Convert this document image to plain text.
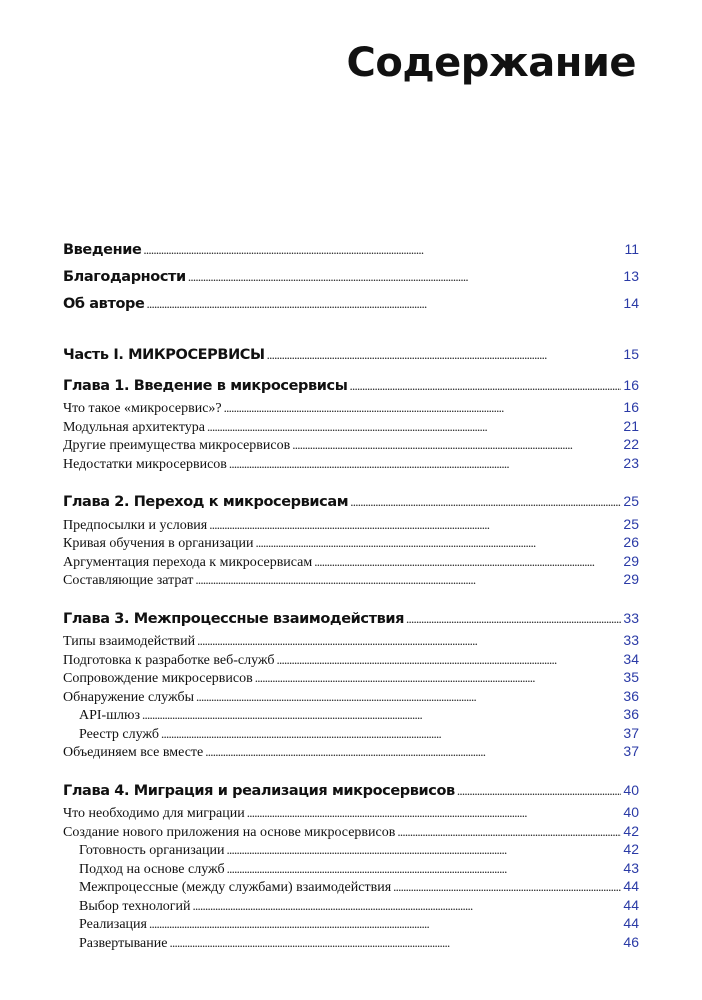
Содержание
Введение . . .	11
Благодарности . . .	13
Об авторе . . .	14
Часть I. МИКРОСЕРВИСЫ . . .	15
Глава 1. Введение в микросервисы . . .	16
Что такое «микросервис»? . . .	16
Модульная архитектура . . .	21
Другие преимущества микросервисов . . .	22
Недостатки микросервисов . . .	23
Глава 2. Переход к микросервисам . . .	25
Предпосылки и условия . . .	25
Кривая обучения в организации . . .	26
Аргументация перехода к микросервисам . . .	29
Составляющие затрат . . .	29
Глава 3. Межпроцессные взаимодействия . . .	33
Типы взаимодействий . . .	33
Подготовка к разработке веб-служб . . .	34
Сопровождение микросервисов . . .	35
Обнаружение службы . . .	36
API-шлюз . . .	36
Реестр служб . . .	37
Объединяем все вместе . . .	37
Глава 4. Миграция и реализация микросервисов . . .	40
Что необходимо для миграции . . .	40
Создание нового приложения на основе микросервисов . . .	42
Готовность организации . . .	42
Подход на основе служб . . .	43
Межпроцессные (между службами) взаимодействия . . .	44
Выбор технологий . . .	44
Реализация . . .	44
Развертывание . . .	46
